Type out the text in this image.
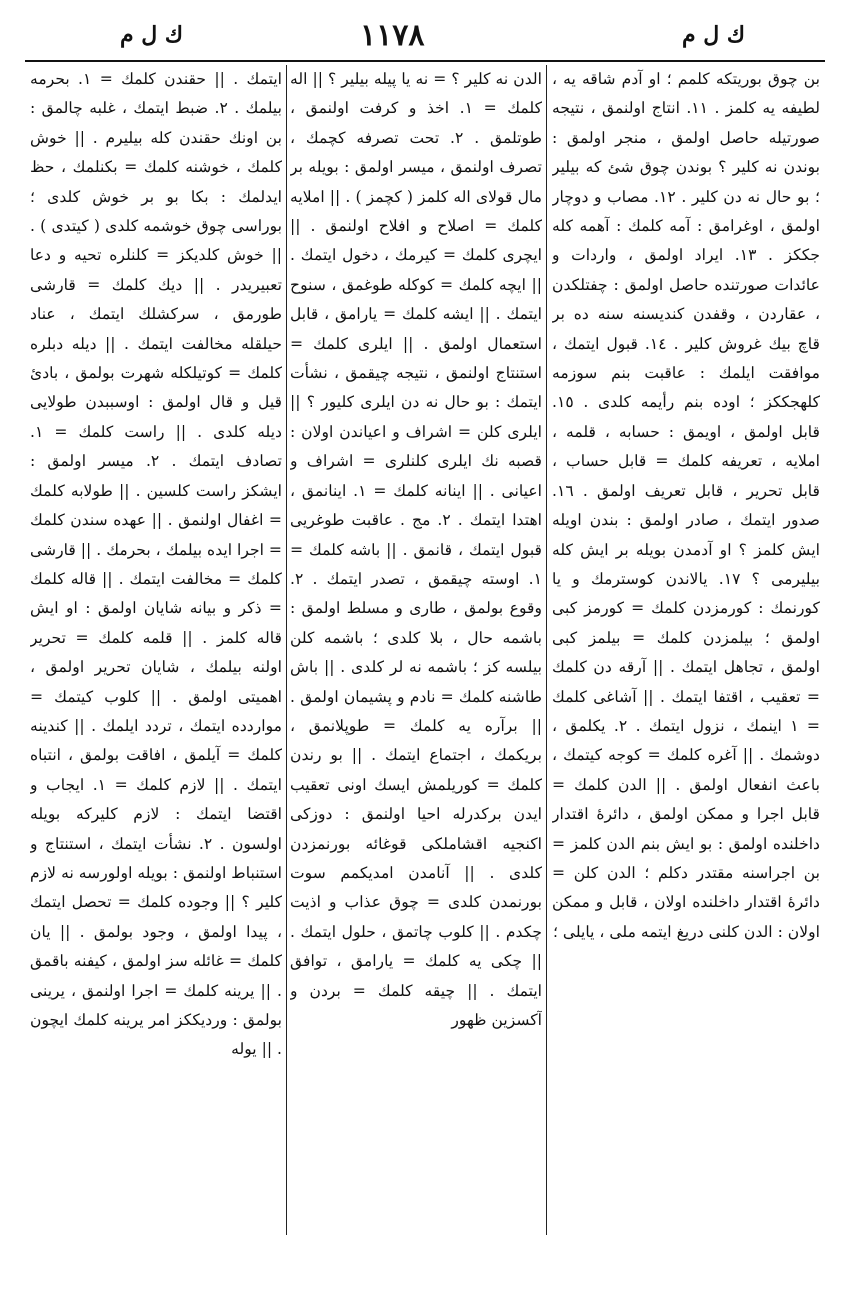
ك ل م
۱۱۷۸
ك ل م

بن چوق بوريتكه كلمم ؛ او آدم شاقه يه ، لطيفه يه كلمز . ١١. انتاج اولنمق ، نتيجه صورتيله حاصل اولمق ، منجر اولمق : بوندن نه كلير ؟ بوندن چوق شئ كه بيلير ؛ بو حال نه دن كلير . ١٢. مصاب و دوچار اولمق ، اوغرامق : آمه كلمك : آهمه كله جككز . ١٣. ايراد اولمق ، واردات و عائدات صورتنده حاصل اولمق : چفتلكدن ، عقاردن ، وقفدن كنديسنه سنه ده بر قاچ بيك غروش كلير . ١٤. قبول ايتمك ، موافقت ايلمك : عاقبت بنم سوزمه كلهجككز ؛ اوده بنم رأيمه كلدى . ١٥. قابل اولمق ، اويمق : حسابه ، قلمه ، املايه ، تعريفه كلمك = قابل حساب ، قابل تحرير ، قابل تعريف اولمق . ١٦. صدور ايتمك ، صادر اولمق : بندن اويله ايش كلمز ؟ او آدمدن بويله بر ايش كله بيليرمى ؟ ١٧. يالاندن كوسترمك و يا كورنمك : كورمزدن كلمك = كورمز كبى اولمق ؛ بيلمزدن كلمك = بيلمز كبى اولمق ، تجاهل ايتمك . || آرقه دن كلمك = تعقيب ، اقتفا ايتمك . || آشاغى كلمك = ١ اينمك ، نزول ايتمك . ٢. يكلمق ، دوشمك . || آغره كلمك = كوجه كيتمك ، باعث انفعال اولمق . || الدن كلمك = قابل اجرا و ممكن اولمق ، دائرهٔ اقتدار داخلنده اولمق : بو ايش بنم الدن كلمز = بن اجراسنه مقتدر دكلم ؛ الدن كلن = دائرهٔ اقتدار داخلنده اولان ، قابل و ممكن اولان : الدن كلنى دريغ ايتمه ملى ، يايلى ؛

الدن نه كلير ؟ = نه يا پيله بيلير ؟ || اله كلمك = ١. اخذ و كرفت اولنمق ، طوتلمق . ٢. تحت تصرفه كچمك ، تصرف اولنمق ، ميسر اولمق : بويله بر مال قولاى اله كلمز ( كچمز ) . || املايه كلمك = اصلاح و افلاح اولنمق . || ايچرى كلمك = كيرمك ، دخول ايتمك . || ايچه كلمك = كوكله طوغمق ، سنوح ايتمك . || ايشه كلمك = يارامق ، قابل استعمال اولمق . || ايلرى كلمك = استنتاج اولنمق ، نتيجه چيقمق ، نشأت ايتمك : بو حال نه دن ايلرى كليور ؟ || ايلرى كلن = اشراف و اعياندن اولان : قصبه نك ايلرى كلنلرى = اشراف و اعيانى . || اينانه كلمك = ١. اينانمق ، اهتدا ايتمك . ٢. مج . عاقبت طوغريى قبول ايتمك ، قانمق . || باشه كلمك = ١. اوسته چيقمق ، تصدر ايتمك . ٢. وقوع بولمق ، طارى و مسلط اولمق : باشمه حال ، بلا كلدى ؛ باشمه كلن بيلسه كز ؛ باشمه نه لر كلدى . || باش طاشنه كلمك = نادم و پشيمان اولمق . || برآره يه كلمك = طوپلانمق ، بريكمك ، اجتماع ايتمك . || بو رندن كلمك = كوريلمش ايسك اونى تعقيب ايدن بركدرله احيا اولنمق : دوزكى اكنجيه اقشاملكى قوغائه بورنمزدن كلدى . || آنامدن امديكمم سوت بورنمدن كلدى = چوق عذاب و اذيت چكدم . || كلوب چاتمق ، حلول ايتمك . || چكى يه كلمك = يارامق ، توافق ايتمك . || چيقه كلمك = بردن و آكسزين ظهور

ايتمك . || حقندن كلمك = ١. بحرمه بيلمك . ٢. ضبط ايتمك ، غلبه چالمق : بن اونك حقندن كله بيليرم . || خوش كلمك ، خوشنه كلمك = بكنلمك ، حظ ايدلمك : بكا بو بر خوش كلدى ؛ بوراسى چوق خوشمه كلدى ( كيتدى ) . || خوش كلديكز = كلنلره تحيه و دعا تعبيريدر . || ديك كلمك = قارشى طورمق ، سركشلك ايتمك ، عناد حيلقله مخالفت ايتمك . || ديله دبلره كلمك = كوتيلكله شهرت بولمق ، بادىٔ قيل و قال اولمق : اوسببدن طولايى ديله كلدى . || راست كلمك = ١. تصادف ايتمك . ٢. ميسر اولمق : ايشكز راست كلسين . || طولابه كلمك = اغفال اولنمق . || عهده سندن كلمك = اجرا ايده بيلمك ، بحرمك . || قارشى كلمك = مخالفت ايتمك . || قاله كلمك = ذكر و بيانه شايان اولمق : او ايش قاله كلمز . || قلمه كلمك = تحرير اولنه بيلمك ، شايان تحرير اولمق ، اهميتى اولمق . || كلوب كيتمك = مواردده ايتمك ، تردد ايلمك . || كندينه كلمك = آيلمق ، افاقت بولمق ، انتباه ايتمك . || لازم كلمك = ١. ايجاب و اقتضا ايتمك : لازم كليركه بويله اولسون . ٢. نشأت ايتمك ، استنتاج و استنباط اولنمق : بويله اولورسه نه لازم كلير ؟ || وجوده كلمك = تحصل ايتمك ، پيدا اولمق ، وجود بولمق . || يان كلمك = غائله سز اولمق ، كيفنه باقمق . || يرينه كلمك = اجرا اولنمق ، يرينى بولمق : ورديككز امر يرينه كلمك ايچون . || يوله
